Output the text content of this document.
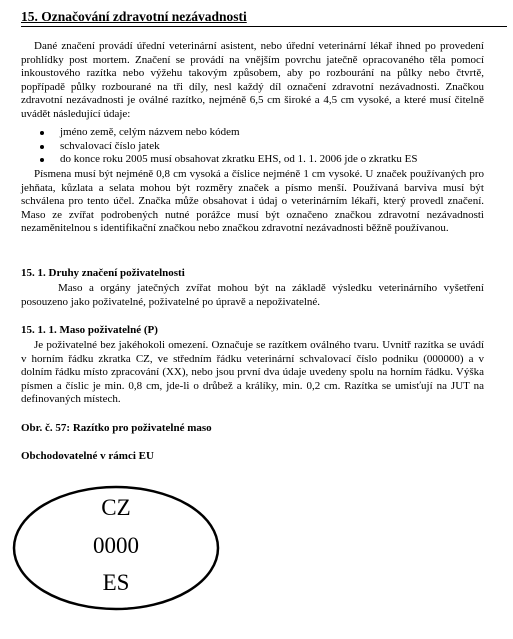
15. Označování zdravotní nezávadnosti

Dané značení provádí úřední veterinární asistent, nebo úřední veterinární lékař ihned po provedení prohlídky post mortem. Značení se provádí na vnějším povrchu jatečně opracovaného těla pomocí inkoustového razítka nebo výžehu takovým způsobem, aby po rozbourání na půlky nebo čtvrtě, popřípadě půlky rozbourané na tři díly, nesl každý díl označení zdravotní nezávadnosti. Značkou zdravotní nezávadnosti je oválné razítko, nejméně 6,5 cm široké a 4,5 cm vysoké, a které musí čitelně uvádět následující údaje:

jméno země, celým názvem nebo kódem
schvalovací číslo jatek
do konce roku 2005 musí obsahovat zkratku EHS, od 1. 1. 2006 jde o zkratku ES

Písmena musí být nejméně 0,8 cm vysoká a číslice nejméně 1 cm vysoké. U značek používaných pro jehňata, kůzlata a selata mohou být rozměry značek a písmo menší. Používaná barviva musí být schválena pro tento účel. Značka může obsahovat i údaj o veterinárním lékaři, který provedl značení. Maso ze zvířat podrobených nutné porážce musí být označeno značkou zdravotní nezávadnosti nezaměnitelnou s identifikační značkou nebo značkou zdravotní nezávadnosti běžně používanou.

15. 1. Druhy značení poživatelnosti

Maso a orgány jatečných zvířat mohou být na základě výsledku veterinárního vyšetření posouzeno jako poživatelné, poživatelné po úpravě a nepoživatelné.

15. 1. 1. Maso poživatelné (P)

Je poživatelné bez jakéhokoli omezení. Označuje se razítkem oválného tvaru. Uvnitř razítka se uvádí v horním řádku zkratka CZ, ve středním řádku veterinární schvalovací číslo podniku (000000) a v dolním řádku místo zpracování (XX), nebo jsou první dva údaje uvedeny spolu na horním řádku. Výška písmen a číslic je min. 0,8 cm, jde-li o drůbež a králíky, min. 0,2 cm. Razítka se umisťují na JUT na definovaných místech.

Obr. č. 57: Razítko pro poživatelné maso
Obchodovatelné v rámci EU
CZ
0000
ES
